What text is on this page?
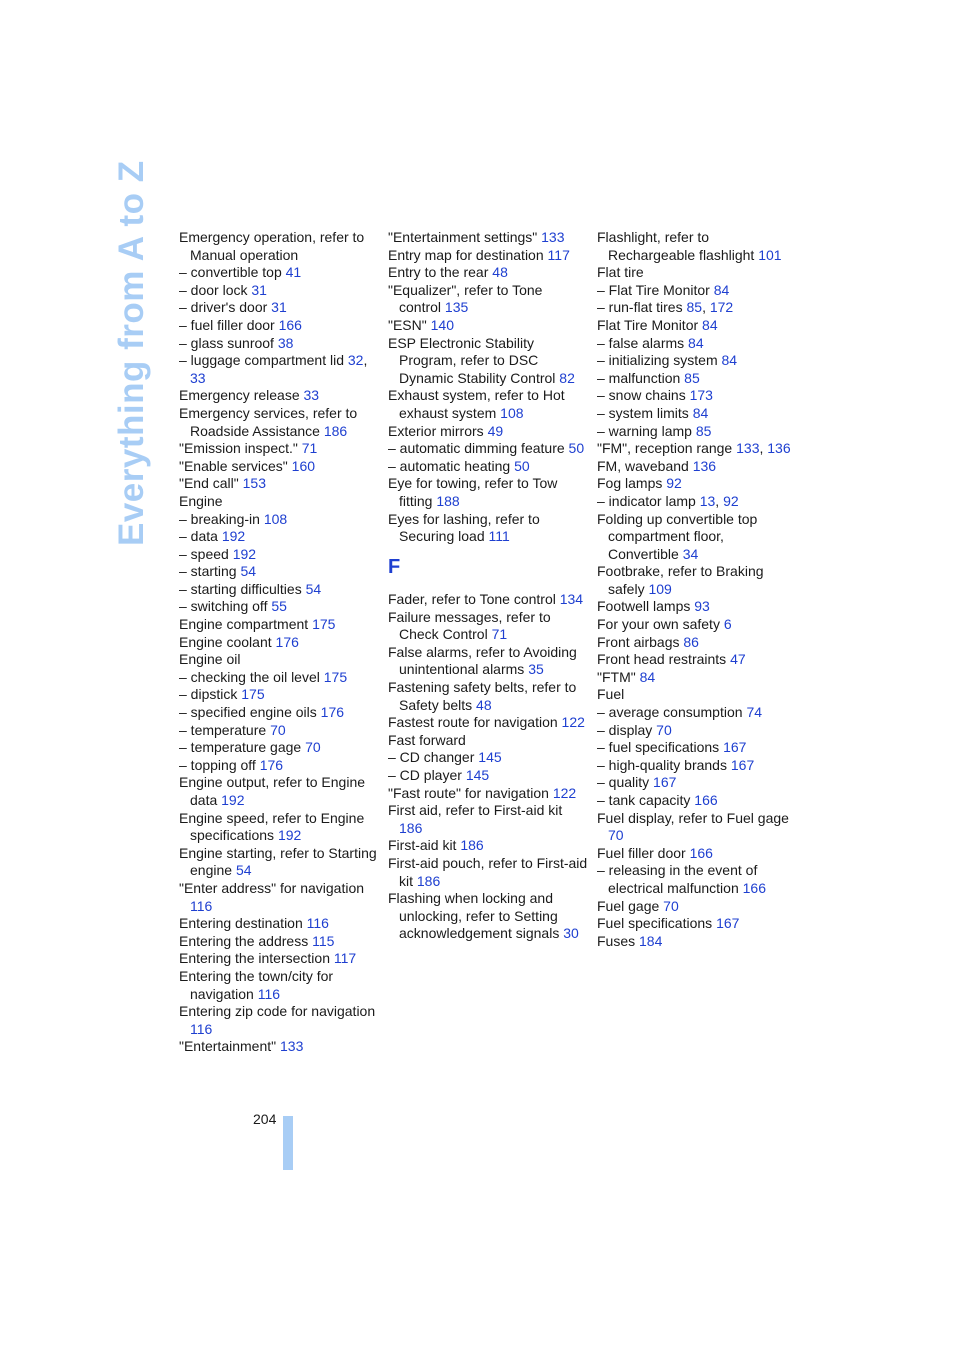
Everything from A to Z Emergency operation, refer to Manual operation
– convertible top 41
– door lock 31
– driver's door 31
– fuel filler door 166
– glass sunroof 38
– luggage compartment lid 32, 33
Emergency release 33
Emergency services, refer to Roadside Assistance 186
"Emission inspect." 71
"Enable services" 160
"End call" 153
Engine
– breaking-in 108
– data 192
– speed 192
– starting 54
– starting difficulties 54
– switching off 55
Engine compartment 175
Engine coolant 176
Engine oil
– checking the oil level 175
– dipstick 175
– specified engine oils 176
– temperature 70
– temperature gage 70
– topping off 176
Engine output, refer to Engine data 192
Engine speed, refer to Engine specifications 192
Engine starting, refer to Starting engine 54
"Enter address" for navigation 116
Entering destination 116
Entering the address 115
Entering the intersection 117
Entering the town/city for navigation 116
Entering zip code for navigation 116
"Entertainment" 133
"Entertainment settings" 133
Entry map for destination 117
Entry to the rear 48
"Equalizer", refer to Tone control 135
"ESN" 140
ESP Electronic Stability Program, refer to DSC Dynamic Stability Control 82
Exhaust system, refer to Hot exhaust system 108
Exterior mirrors 49
– automatic dimming feature 50
– automatic heating 50
Eye for towing, refer to Tow fitting 188
Eyes for lashing, refer to Securing load 111
F
Fader, refer to Tone control 134
Failure messages, refer to Check Control 71
False alarms, refer to Avoiding unintentional alarms 35
Fastening safety belts, refer to Safety belts 48
Fastest route for navigation 122
Fast forward
– CD changer 145
– CD player 145
"Fast route" for navigation 122
First aid, refer to First-aid kit 186
First-aid kit 186
First-aid pouch, refer to First-aid kit 186
Flashing when locking and unlocking, refer to Setting acknowledgement signals 30
Flashlight, refer to Rechargeable flashlight 101
Flat tire
– Flat Tire Monitor 84
– run-flat tires 85, 172
Flat Tire Monitor 84
– false alarms 84
– initializing system 84
– malfunction 85
– snow chains 173
– system limits 84
– warning lamp 85
"FM", reception range 133, 136
FM, waveband 136
Fog lamps 92
– indicator lamp 13, 92
Folding up convertible top compartment floor, Convertible 34
Footbrake, refer to Braking safely 109
Footwell lamps 93
For your own safety 6
Front airbags 86
Front head restraints 47
"FTM" 84
Fuel
– average consumption 74
– display 70
– fuel specifications 167
– high-quality brands 167
– quality 167
– tank capacity 166
Fuel display, refer to Fuel gage 70
Fuel filler door 166
– releasing in the event of electrical malfunction 166
Fuel gage 70
Fuel specifications 167
Fuses 184
204
